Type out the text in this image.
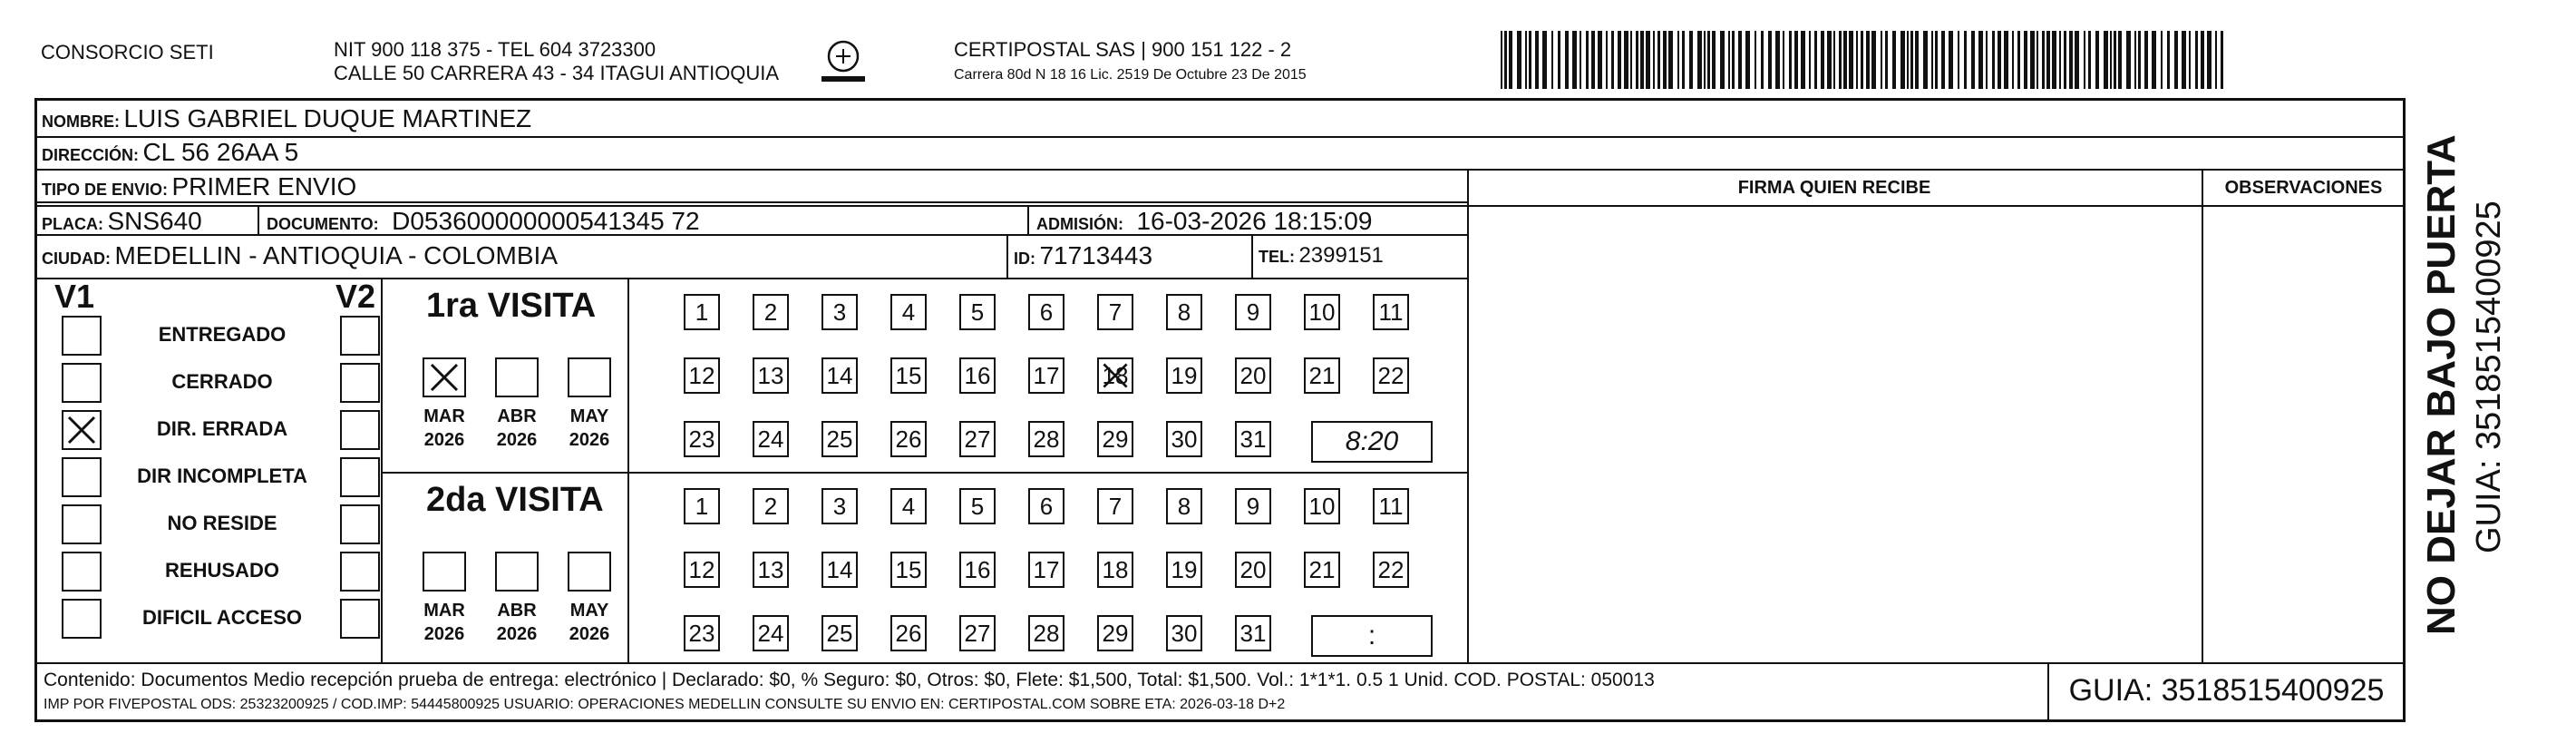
CONSORCIO SETI	NIT 900 118 375 - TEL 604 3723300
CALLE 50 CARRERA 43 - 34 ITAGUI ANTIOQUIA
CERTIPOSTAL SAS | 900 151 122 - 2
Carrera 80d N 18 16 Lic. 2519 De Octubre 23 De 2015
NOMBRE: LUIS GABRIEL DUQUE MARTINEZ
DIRECCIÓN: CL 56 26AA 5
TIPO DE ENVIO: PRIMER ENVIO
PLACA: SNS640	DOCUMENTO: D053600000000541345 72	ADMISIÓN: 16-03-2026 18:15:09
CIUDAD: MEDELLIN - ANTIOQUIA - COLOMBIA	ID: 71713443	TEL: 2399151
FIRMA QUIEN RECIBE	OBSERVACIONES
V1	V2
ENTREGADO
CERRADO
DIR. ERRADA
DIR INCOMPLETA
NO RESIDE
REHUSADO
DIFICIL ACCESO
1ra VISITA
MAR
2026
ABR
2026
MAY
2026
1	2	3	4	5	6	7	8	9	10 11
12 13 14 15 16 17 18 19 20 21 22
23 24 25 26 27 28 29 30 31	8:20
2da VISITA
MAR
2026
ABR
2026
MAY
2026
1	2	3	4	5	6	7	8	9	10 11
12 13 14 15 16 17 18 19 20 21 22
23 24 25 26 27 28 29 30 31	:
Contenido: Documentos Medio recepción prueba de entrega: electrónico | Declarado: $0, % Seguro: $0, Otros: $0, Flete: $1,500, Total: $1,500. Vol.: 1*1*1. 0.5 1 Unid. COD. POSTAL: 050013
IMP POR FIVEPOSTAL ODS: 25323200925 / COD.IMP: 54445800925 USUARIO: OPERACIONES MEDELLIN CONSULTE SU ENVIO EN: CERTIPOSTAL.COM SOBRE ETA: 2026-03-18 D+2	GUIA: 3518515400925
NO DEJAR BAJO PUERTA GUIA: 3518515400925
